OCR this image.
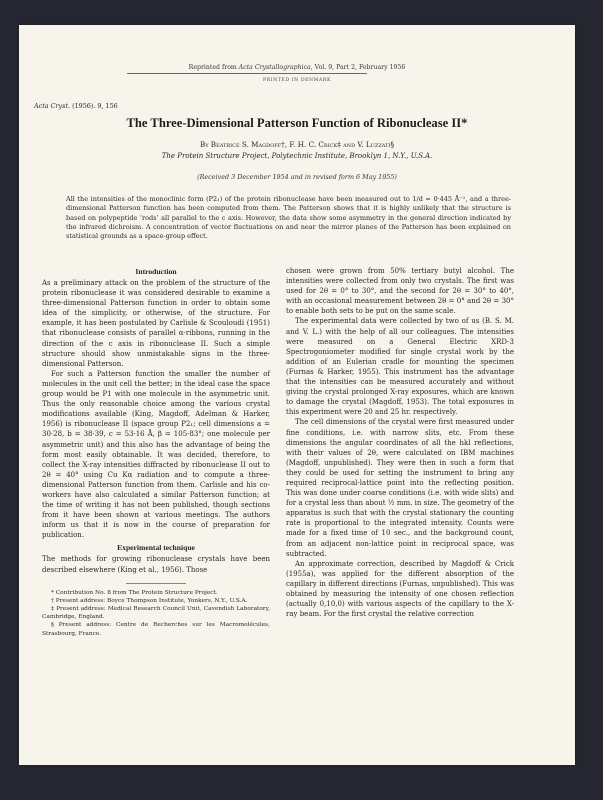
Reprinted from Acta Crystallographica, Vol. 9, Part 2, February 1956
PRINTED IN DENMARK
Acta Cryst. (1956). 9, 156
The Three-Dimensional Patterson Function of Ribonuclease II*
By Beatrice S. Magdoff†, F. H. C. Crick‡ and V. Luzzati§
The Protein Structure Project, Polytechnic Institute, Brooklyn 1, N.Y., U.S.A.
(Received 3 December 1954 and in revised form 6 May 1955)
All the intensities of the monoclinic form (P2₁) of the protein ribonuclease have been measured out to 1/d = 0·445 Å⁻¹, and a three-dimensional Patterson function has been computed from them. The Patterson shows that it is highly unlikely that the structure is based on polypeptide ‘rods’ all parallel to the c axis. However, the data show some asymmetry in the general direction indicated by the infrared dichroism. A concentration of vector fluctuations on and near the mirror planes of the Patterson has been explained on statistical grounds as a space-group effect.
Introduction

As a preliminary attack on the problem of the structure of the protein ribonuclease it was considered desirable to examine a three-dimensional Patterson function in order to obtain some idea of the simplicity, or otherwise, of the structure. For example, it has been postulated by Carlisle & Scouloudi (1951) that ribonuclease consists of parallel α-ribbons, running in the direction of the c axis in ribonuclease II. Such a simple structure should show unmistakable signs in the three-dimensional Patterson.

For such a Patterson function the smaller the number of molecules in the unit cell the better; in the ideal case the space group would be P1 with one molecule in the asymmetric unit. Thus the only reasonable choice among the various crystal modifications available (King, Magdoff, Adelman & Harker, 1956) is ribonuclease II (space group P2₁; cell dimensions a = 30·28, b = 38·39, c = 53·16 Å, β = 105·83°; one molecule per asymmetric unit) and this also has the advantage of being the form most easily obtainable. It was decided, therefore, to collect the X-ray intensities diffracted by ribonuclease II out to 2θ = 40° using Cu Kα radiation and to compute a three-dimensional Patterson function from them. Carlisle and his co-workers have also calculated a similar Patterson function; at the time of writing it has not been published, though sections from it have been shown at various meetings. The authors inform us that it is now in the course of preparation for publication.

Experimental technique

The methods for growing ribonuclease crystals have been described elsewhere (King et al., 1956). Those

* Contribution No. 8 from The Protein Structure Project.

† Present address: Boyce Thompson Institute, Yonkers, N.Y., U.S.A.

‡ Present address: Medical Research Council Unit, Cavendish Laboratory, Cambridge, England.

§ Present address: Centre de Recherches sur les Macromolécules, Strasbourg, France.

chosen were grown from 50% tertiary butyl alcohol. The intensities were collected from only two crystals. The first was used for 2θ = 0° to 30°, and the second for 2θ = 30° to 40°, with an occasional measurement between 2θ = 0° and 2θ = 30° to enable both sets to be put on the same scale.

The experimental data were collected by two of us (B. S. M. and V. L.) with the help of all our colleagues. The intensities were measured on a General Electric XRD-3 Spectrogoniometer modified for single crystal work by the addition of an Eulerian cradle for mounting the specimen (Furnas & Harker, 1955). This instrument has the advantage that the intensities can be measured accurately and without giving the crystal prolonged X-ray exposures, which are known to damage the crystal (Magdoff, 1953). The total exposures in this experiment were 20 and 25 hr. respectively.

The cell dimensions of the crystal were first measured under fine conditions, i.e. with narrow slits, etc. From these dimensions the angular coordinates of all the hkl reflections, with their values of 2θ, were calculated on IBM machines (Magdoff, unpublished). They were then in such a form that they could be used for setting the instrument to bring any required reciprocal-lattice point into the reflecting position. This was done under coarse conditions (i.e. with wide slits) and for a crystal less than about ½ mm. in size. The geometry of the apparatus is such that with the crystal stationary the counting rate is proportional to the integrated intensity. Counts were made for a fixed time of 10 sec., and the background count, from an adjacent non-lattice point in reciprocal space, was subtracted.

An approximate correction, described by Magdoff & Crick (1955a), was applied for the different absorption of the capillary in different directions (Furnas, unpublished). This was obtained by measuring the intensity of one chosen reflection (actually 0,10,0) with various aspects of the capillary to the X-ray beam. For the first crystal the relative correction
